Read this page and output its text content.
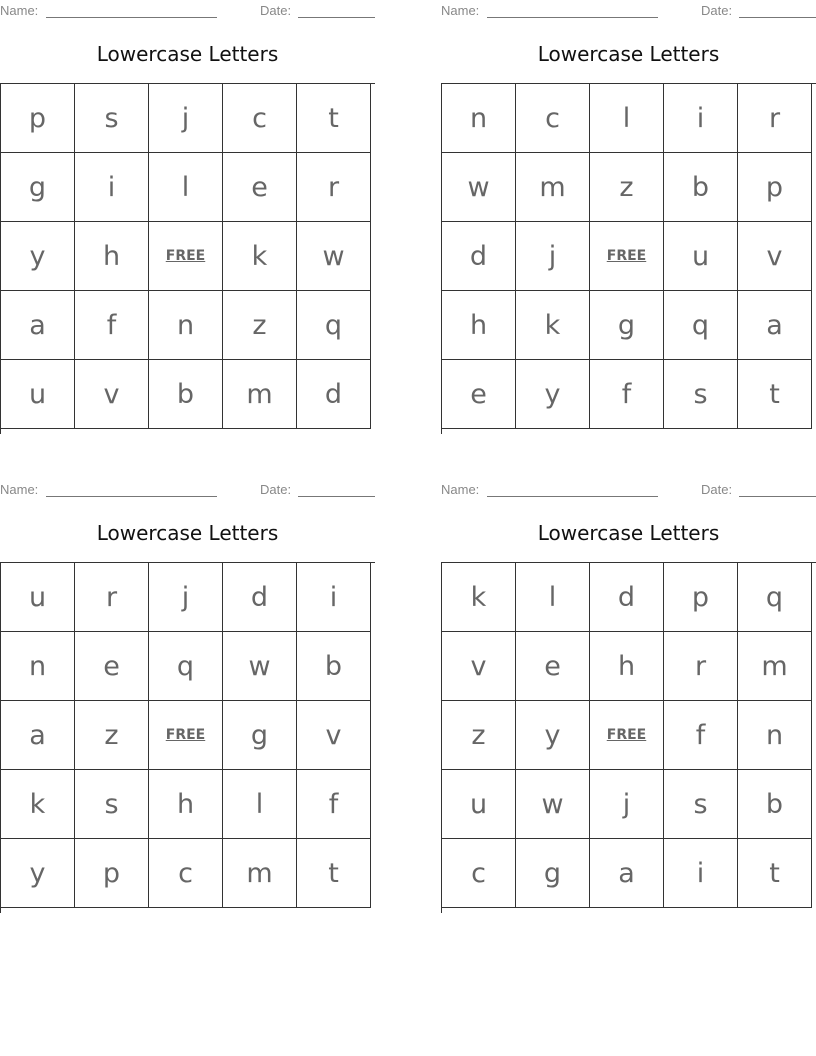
Name:	Date:
Lowercase Letters
p	s	j	c	t
g	i	l	e	r
y	h	FREE	k	w
a	f	n	z	q
u	v	b	m	d
Name:	Date:
Lowercase Letters
n	c	l	i	r
w	m	z	b	p
d	j	FREE	u	v
h	k	g	q	a
e	y	f	s	t
Name:	Date:
Lowercase Letters
u	r	j	d	i
n	e	q	w	b
a	z	FREE	g	v
k	s	h	l	f
y	p	c	m	t
Name:	Date:
Lowercase Letters
k	l	d	p	q
v	e	h	r	m
z	y	FREE	f	n
u	w	j	s	b
c	g	a	i	t
